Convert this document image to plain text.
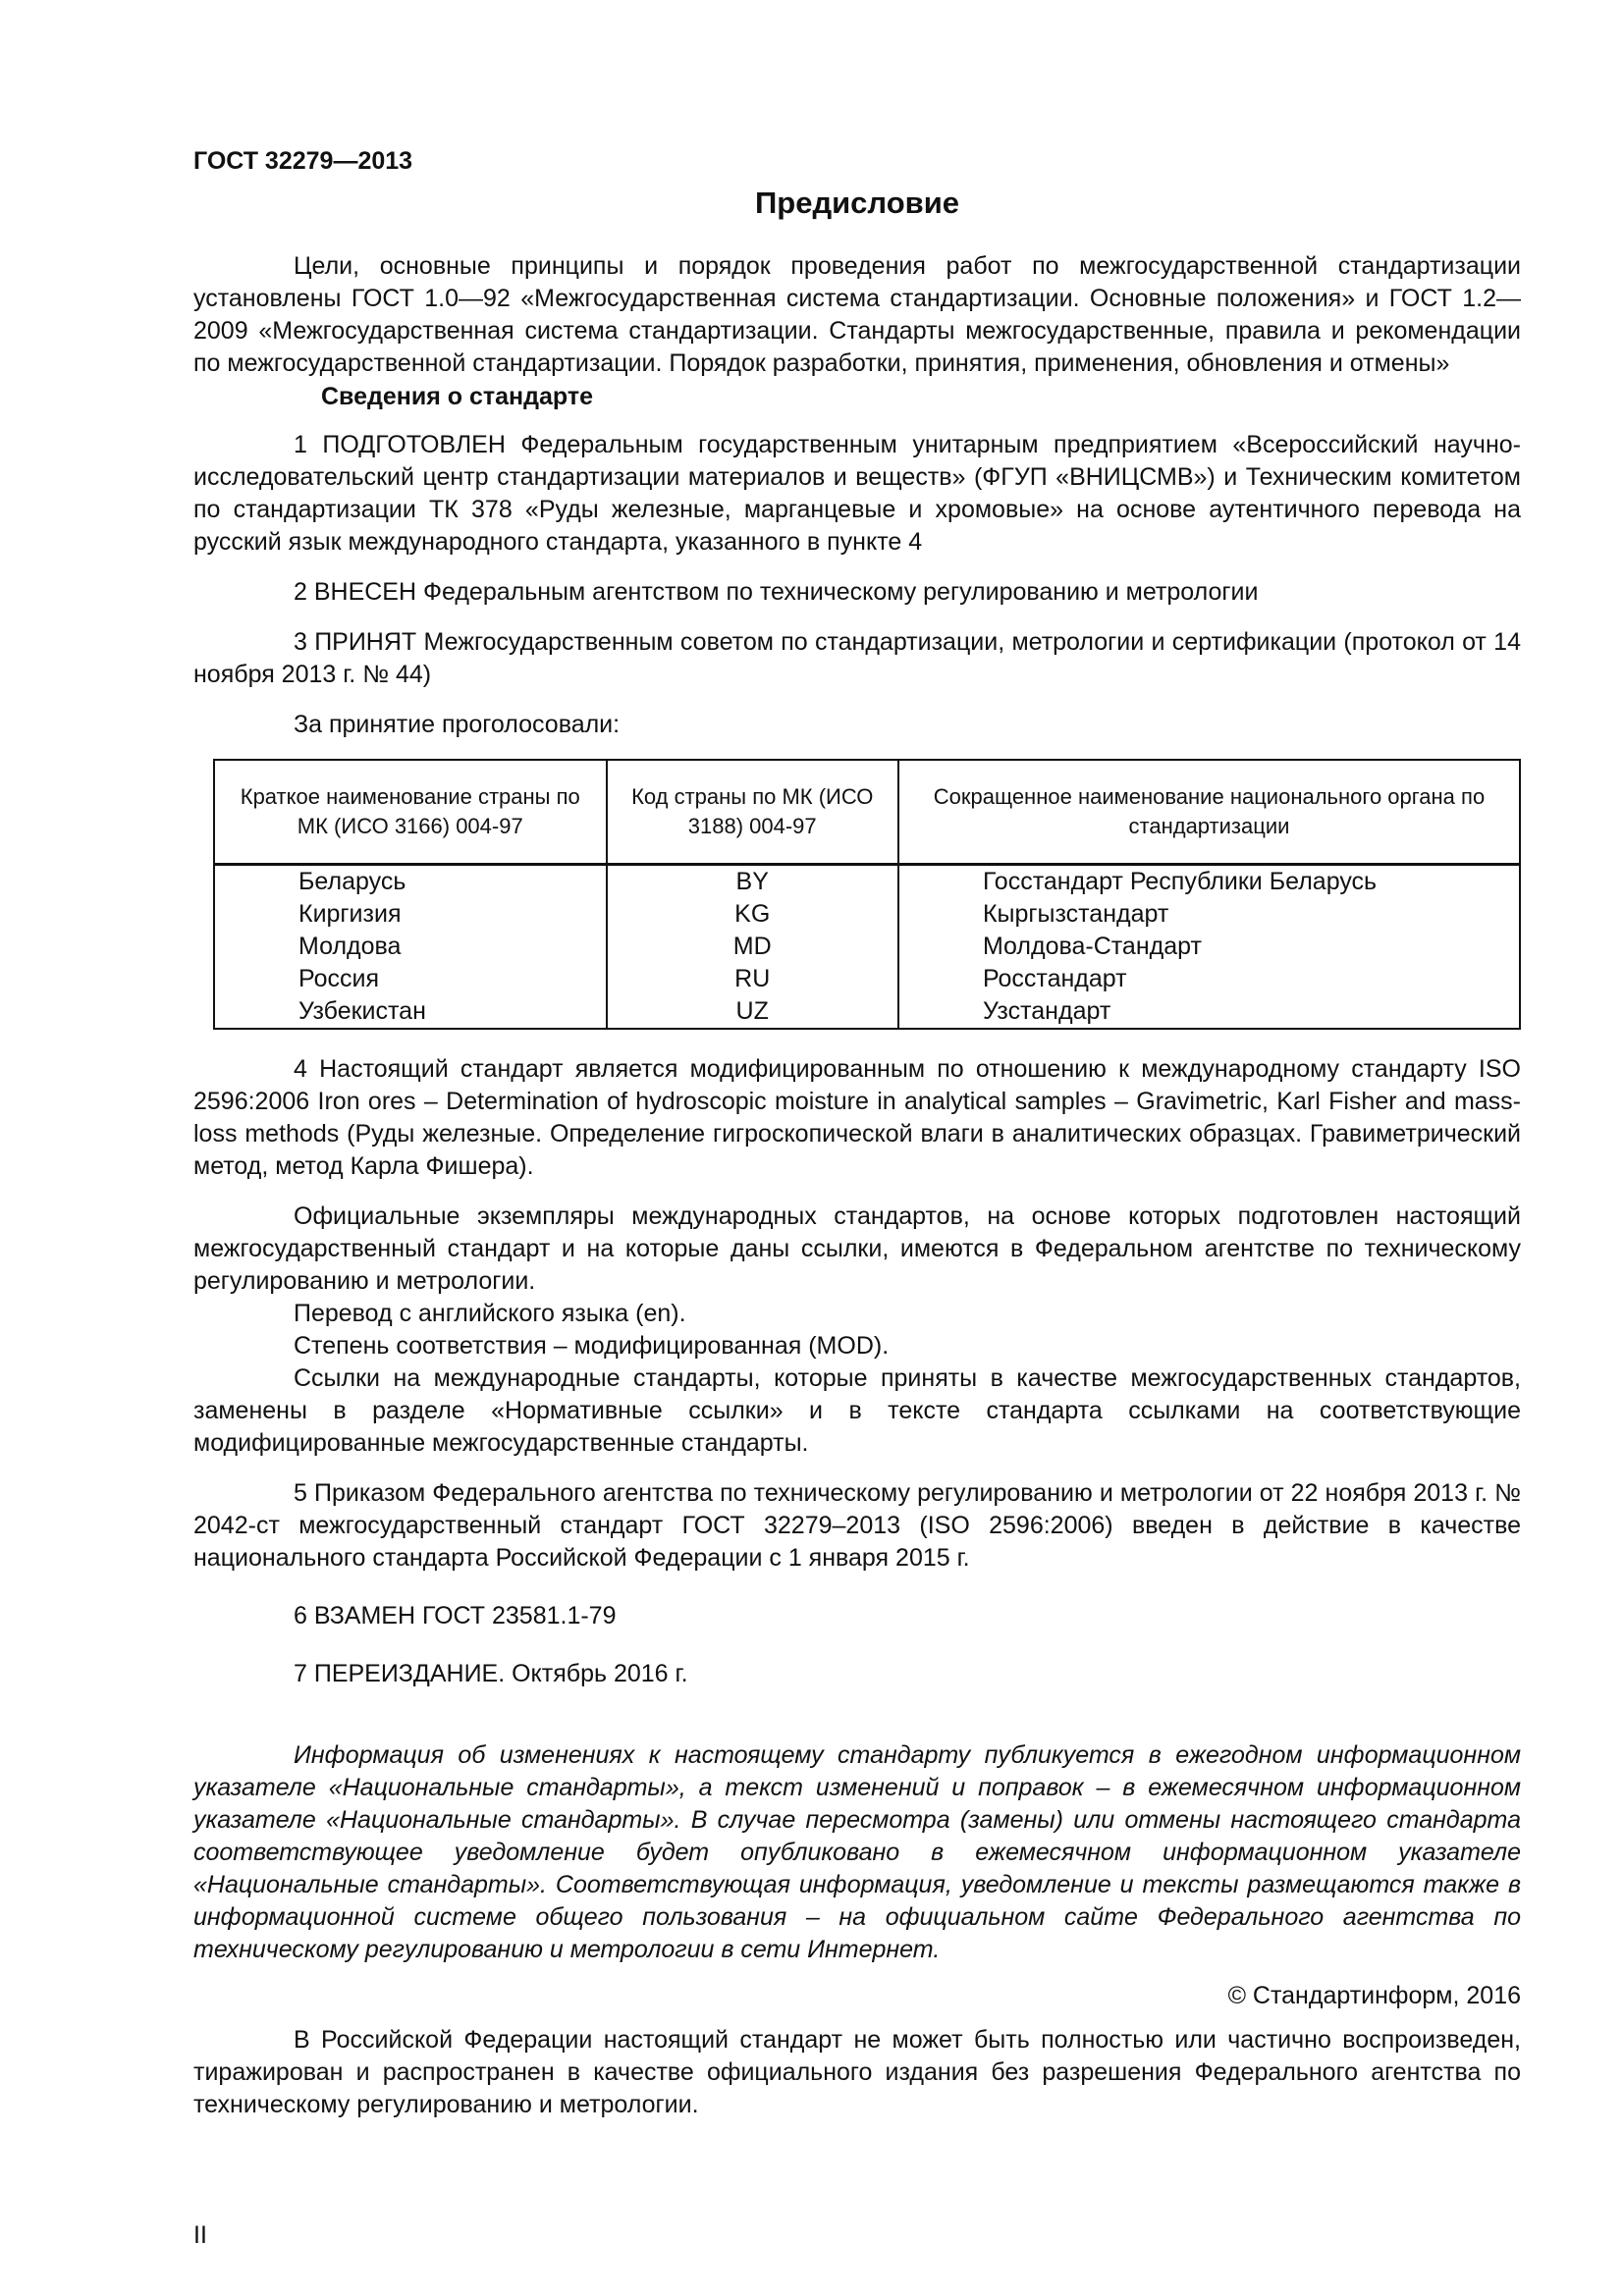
ГОСТ 32279—2013
Предисловие

Цели, основные принципы и порядок проведения работ по межгосударственной стандартизации установлены ГОСТ 1.0—92 «Межгосударственная система стандартизации. Основные положения» и ГОСТ 1.2—2009 «Межгосударственная система стандартизации. Стандарты межгосударственные, правила и рекомендации по межгосударственной стандартизации. Порядок разработки, принятия, применения, обновления и отмены»

Сведения о стандарте

1 ПОДГОТОВЛЕН Федеральным государственным унитарным предприятием «Всероссийский научно-исследовательский центр стандартизации материалов и веществ» (ФГУП «ВНИЦСМВ») и Техническим комитетом по стандартизации ТК 378 «Руды железные, марганцевые и хромовые» на основе аутентичного перевода на русский язык международного стандарта, указанного в пункте 4

2 ВНЕСЕН Федеральным агентством по техническому регулированию и метрологии

3 ПРИНЯТ Межгосударственным советом по стандартизации, метрологии и сертификации (протокол от 14 ноября 2013 г. № 44)

За принятие проголосовали:

Краткое наименование страны по МК (ИСО 3166) 004-97	Код страны по МК (ИСО 3188) 004-97	Сокращенное наименование национального органа по стандартизации
Беларусь	BY	Госстандарт Республики Беларусь
Киргизия	KG	Кыргызстандарт
Молдова	MD	Молдова-Стандарт
Россия	RU	Росстандарт
Узбекистан	UZ	Узстандарт

4 Настоящий стандарт является модифицированным по отношению к международному стандарту ISO 2596:2006 Iron ores – Determination of hydroscopic moisture in analytical samples – Gravimetric, Karl Fisher and mass-loss methods (Руды железные. Определение гигроскопической влаги в аналитических образцах. Гравиметрический метод, метод Карла Фишера).

Официальные экземпляры международных стандартов, на основе которых подготовлен настоящий межгосударственный стандарт и на которые даны ссылки, имеются в Федеральном агентстве по техническому регулированию и метрологии.

Перевод с английского языка (en).

Степень соответствия – модифицированная (MOD).

Ссылки на международные стандарты, которые приняты в качестве межгосударственных стандартов, заменены в разделе «Нормативные ссылки» и в тексте стандарта ссылками на соответствующие модифицированные межгосударственные стандарты.

5 Приказом Федерального агентства по техническому регулированию и метрологии от 22 ноября 2013 г. № 2042-ст межгосударственный стандарт ГОСТ 32279–2013 (ISO 2596:2006) введен в действие в качестве национального стандарта Российской Федерации с 1 января 2015 г.

6 ВЗАМЕН ГОСТ 23581.1-79

7 ПЕРЕИЗДАНИЕ. Октябрь 2016 г.

Информация об изменениях к настоящему стандарту публикуется в ежегодном информационном указателе «Национальные стандарты», а текст изменений и поправок – в ежемесячном информационном указателе «Национальные стандарты». В случае пересмотра (замены) или отмены настоящего стандарта соответствующее уведомление будет опубликовано в ежемесячном информационном указателе «Национальные стандарты». Соответствующая информация, уведомление и тексты размещаются также в информационной системе общего пользования – на официальном сайте Федерального агентства по техническому регулированию и метрологии в сети Интернет.

© Стандартинформ, 2016

В Российской Федерации настоящий стандарт не может быть полностью или частично воспроизведен, тиражирован и распространен в качестве официального издания без разрешения Федерального агентства по техническому регулированию и метрологии.

II
